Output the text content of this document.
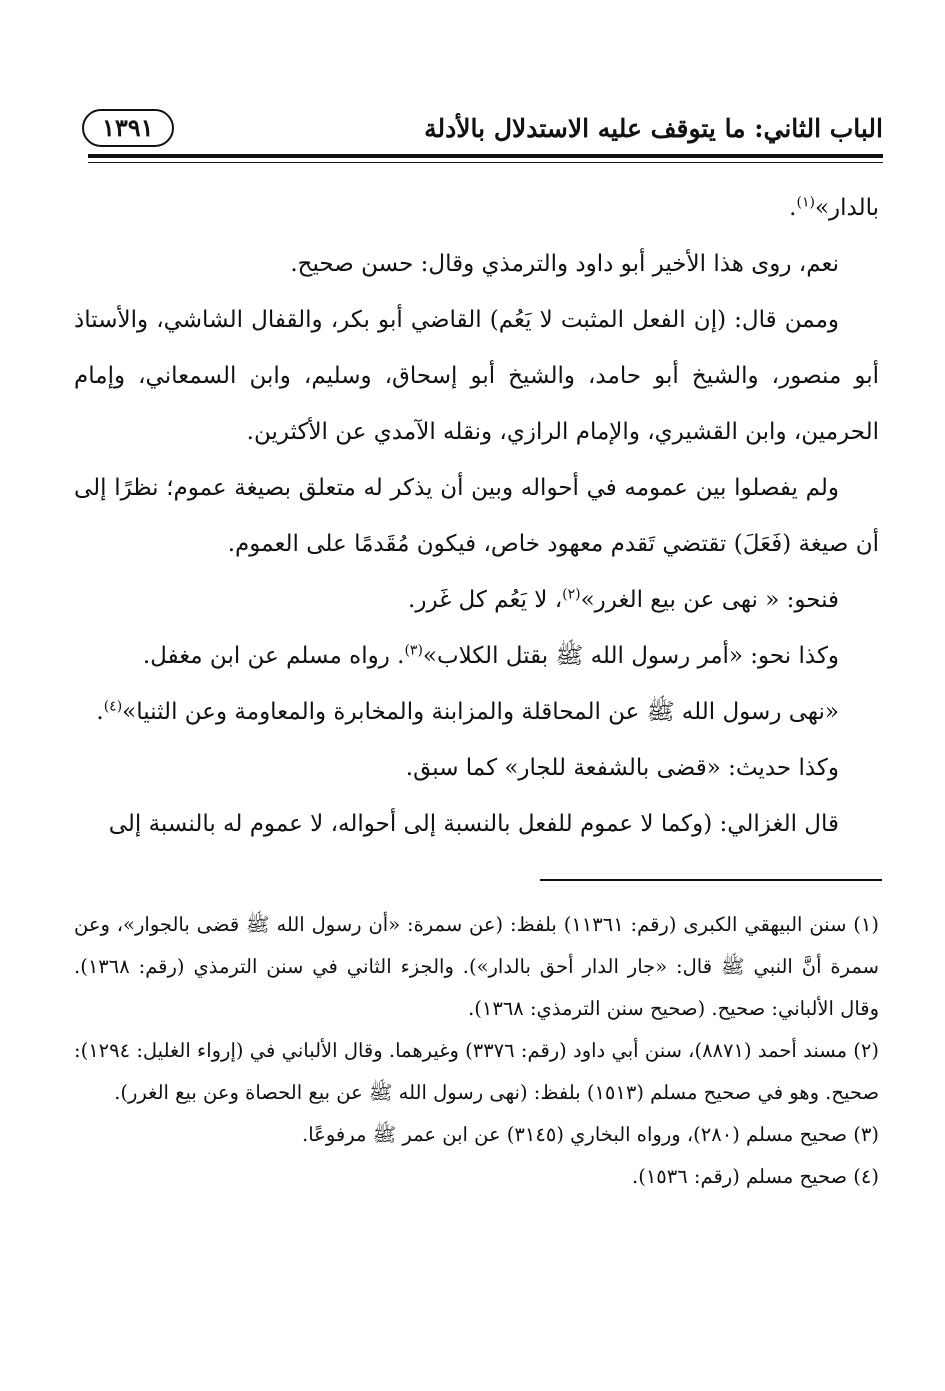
الباب الثاني: ما يتوقف عليه الاستدلال بالأدلة
١٣٩١

بالدار»$^{(١)}$.

نعم، روى هذا الأخير أبو داود والترمذي وقال: حسن صحيح.

وممن قال: (إن الفعل المثبت لا يَعُم) القاضي أبو بكر، والقفال الشاشي، والأستاذ أبو منصور، والشيخ أبو حامد، والشيخ أبو إسحاق، وسليم، وابن السمعاني، وإمام الحرمين، وابن القشيري، والإمام الرازي، ونقله الآمدي عن الأكثرين.

ولم يفصلوا بين عمومه في أحواله وبين أن يذكر له متعلق بصيغة عموم؛ نظرًا إلى أن صيغة (فَعَلَ) تقتضي تَقدم معهود خاص، فيكون مُقَدمًا على العموم.

فنحو: « نهى عن بيع الغرر»$^{(٢)}$، لا يَعُم كل غَرر.

وكذا نحو: «أمر رسول الله ﷺ بقتل الكلاب»$^{(٣)}$. رواه مسلم عن ابن مغفل.

«نهى رسول الله ﷺ عن المحاقلة والمزابنة والمخابرة والمعاومة وعن الثنيا»$^{(٤)}$.

وكذا حديث: «قضى بالشفعة للجار» كما سبق.

قال الغزالي: (وكما لا عموم للفعل بالنسبة إلى أحواله، لا عموم له بالنسبة إلى

(١) سنن البيهقي الكبرى (رقم: ١١٣٦١) بلفظ: (عن سمرة: «أن رسول الله ﷺ قضى بالجوار»، وعن سمرة أنَّ النبي ﷺ قال: «جار الدار أحق بالدار»). والجزء الثاني في سنن الترمذي (رقم: ١٣٦٨). وقال الألباني: صحيح. (صحيح سنن الترمذي: ١٣٦٨).

(٢) مسند أحمد (٨٨٧١)، سنن أبي داود (رقم: ٣٣٧٦) وغيرهما. وقال الألباني في (إرواء الغليل: ١٢٩٤): صحيح. وهو في صحيح مسلم (١٥١٣) بلفظ: (نهى رسول الله ﷺ عن بيع الحصاة وعن بيع الغرر).

(٣) صحيح مسلم (٢٨٠)، ورواه البخاري (٣١٤٥) عن ابن عمر ﷺ مرفوعًا.

(٤) صحيح مسلم (رقم: ١٥٣٦).
